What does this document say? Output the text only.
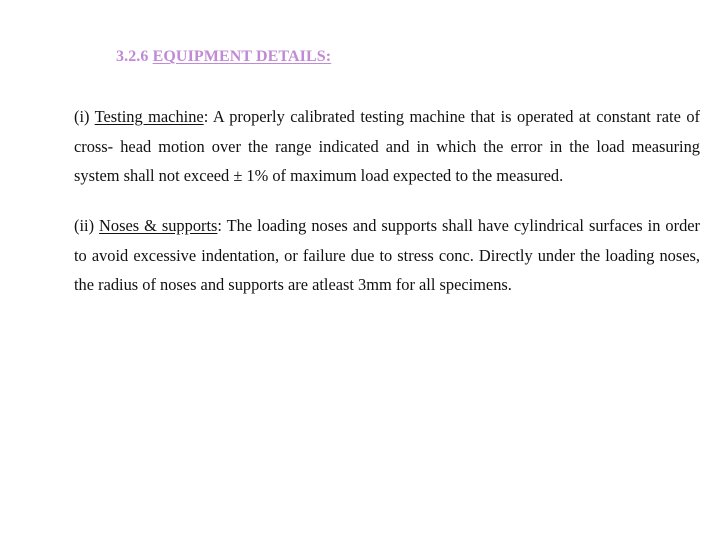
3.2.6 EQUIPMENT DETAILS:

(i) Testing machine: A properly calibrated testing machine that is operated at constant rate of cross- head motion over the range indicated and in which the error in the load measuring system shall not exceed ± 1% of maximum load expected to the measured.

(ii) Noses & supports: The loading noses and supports shall have cylindrical surfaces in order to avoid excessive indentation, or failure due to stress conc. Directly under the loading noses, the radius of noses and supports are atleast 3mm for all specimens.
